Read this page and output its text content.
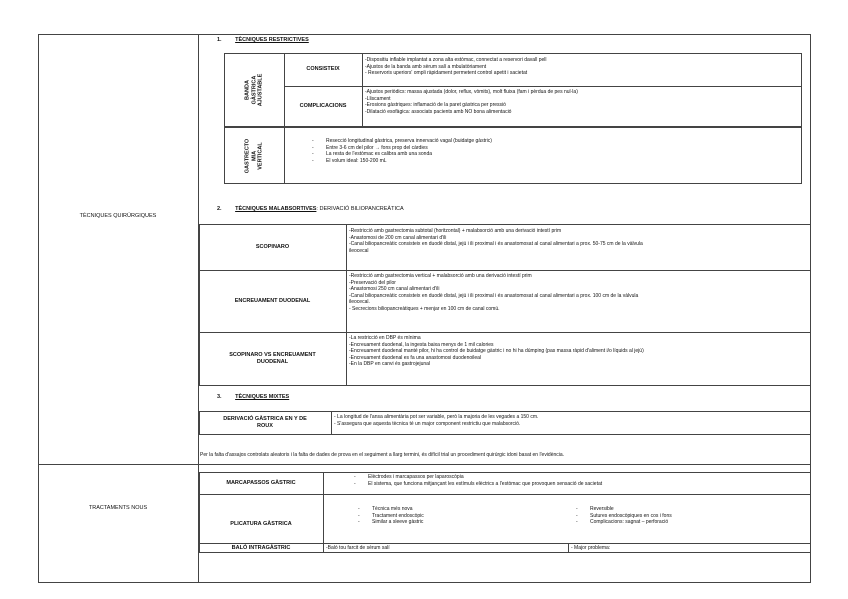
TÈCNIQUES QUIRÚRGIQUES
TRACTAMENTS NOUS
1. TÈCNIQUES RESTRICTIVES
BANDA GÀSTRICA AJUSTABLE
CONSISTEIX
-Dispositiu inflable implantat a zona alta estòmac, connectat a reservori davall pell
-Ajustos de la banda amb sèrum salí a mbulatòriament
- Reservoris uperiors' ompli ràpidament permetent control apetit i sacietat
COMPLICACIONS
-Ajustos periòdics: massa ajustada (dolor, reflux, vòmits), molt fluixa (fam i pèrdua de pes nul·la)
-Lliscament
-Erosions gàstriques: inflamació de la paret gàstrica per pressió
-Dilatació esofàgica: associats pacients amb NO bona alimentació
GASTRECTO MIA VERTICAL
- Resecció longitudinal gàstrica, preserva innervació vagal (buidatge gàstric)
- Entre 3-6 cm del pilor → fons prop del càrdies
- La resta de l'estòmac es calibra amb una sonda
- El volum ideal: 150-200 mL
2. TÈCNIQUES MALABSORTIVES: DERIVACIÓ BILIOPANCREÀTICA
SCOPINARO
-Restricció amb gastrectomia subtotal (horitzontal) + malabsorció amb una derivació intestí prim
-Anastomosi de 200 cm canal alimentari d'ili
-Canal biliopancreàtic consisteix en duodè distal, jejú i ili proximal i és anastomosat al canal alimentari a prox. 50-75 cm de la vàlvula
ileocecal
ENCREUAMENT DUODENAL
-Restricció amb gastrectomia vertical + malabsorció amb una derivació intestí prim
-Preservació del pilor
-Anastomosi 250 cm canal alimentari d'ili
-Canal biliopancreàtic consisteix en duodè distal, jejú i ili proximal i és anastomosat al canal alimentari a prox. 100 cm de la vàlvula
ileocecal.
- Secrecions biliopancreàtiques + menjar en 100 cm de canal comú.
SCOPINARO VS ENCREUAMENT
DUODENAL
-La restricció en DBP és mínima
-Encreuament duodenal, la ingesta baixa menys de 1 mil calories
-Encreuament duodenal manté pilor, hi ha control de buidatge gàstric i no hi ha dúmping (pas massa ràpid d'aliment i/o líquids al jejú)
-Encreuament duodenal es fa una anastomosi duodenoileal
-En la DBP en canvi és gastrojejunal
3. TÈCNIQUES MIXTES
DERIVACIÓ GÀSTRICA EN Y DE
ROUX
- La longitud de l'ansa alimentària pot ser variable, però la majoria de les vegades a 150 cm.
- S'assegura que aquesta tècnica té un major component restrictiu que malabsorció.
Per la falta d'assajos controlats aleatoris i la falta de dades de prova en el seguiment a llarg termini, és difícil trial un procediment quirúrgic idoni basat en l'evidència.
MARCAPASSOS GÀSTRIC
- Elèctrodes i marcapassos per laparoscòpia
- El sistema, que funciona mitjançant les estímuls elèctrics a l'estòmac que provoquen sensació de sacietat
PLICATURA GÀSTRICA
- Tècnica més nova
- Tractament endoscòpic
- Similar a sleeve gàstric
- Reversible
- Sutures endoscòpiques en cos i fons
- Complicacions: sagnat – perforació
BALÓ INTRAGÀSTRIC	-Baló tou farcit de sèrum salí	- Major problema:
